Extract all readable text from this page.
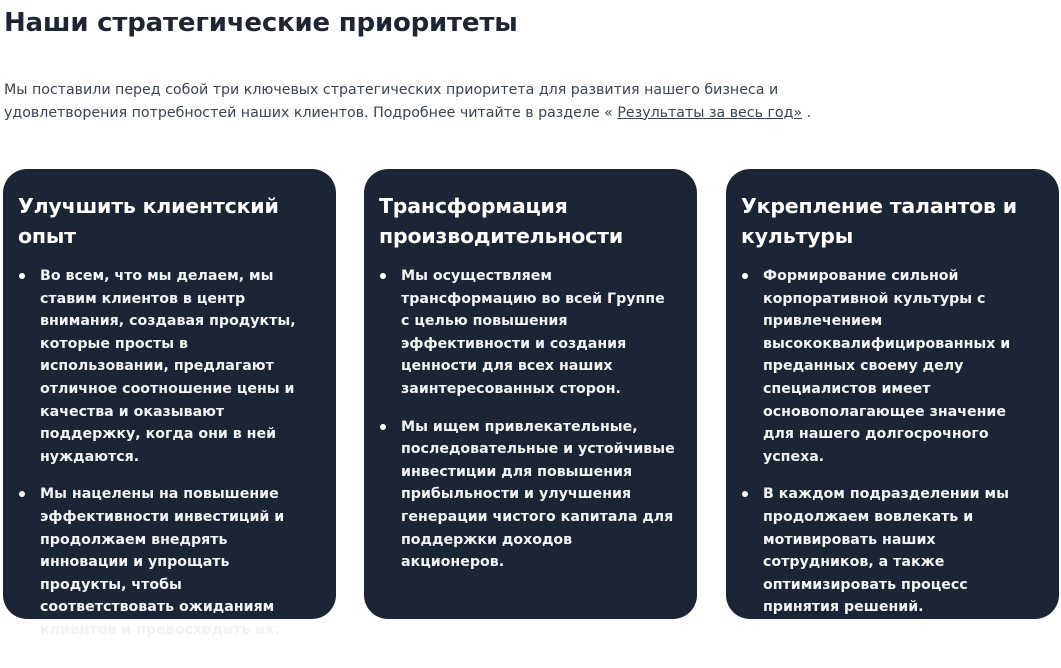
Наши стратегические приоритеты

Мы поставили перед собой три ключевых стратегических приоритета для развития нашего бизнеса и удовлетворения потребностей наших клиентов. Подробнее читайте в разделе « Результаты за весь год» .

Улучшить клиентский опыт
Во всем, что мы делаем, мы ставим клиентов в центр внимания, создавая продукты, которые просты в использовании, предлагают отличное соотношение цены и качества и оказывают поддержку, когда они в ней нуждаются.
Мы нацелены на повышение эффективности инвестиций и продолжаем внедрять инновации и упрощать продукты, чтобы соответствовать ожиданиям клиентов и превосходить их.
Трансформация производительности
Мы осуществляем трансформацию во всей Группе с целью повышения эффективности и создания ценности для всех наших заинтересованных сторон.
Мы ищем привлекательные, последовательные и устойчивые инвестиции для повышения прибыльности и улучшения генерации чистого капитала для поддержки доходов акционеров.
Укрепление талантов и культуры
Формирование сильной корпоративной культуры с привлечением высококвалифицированных и преданных своему делу специалистов имеет основополагающее значение для нашего долгосрочного успеха.
В каждом подразделении мы продолжаем вовлекать и мотивировать наших сотрудников, а также оптимизировать процесс принятия решений.
